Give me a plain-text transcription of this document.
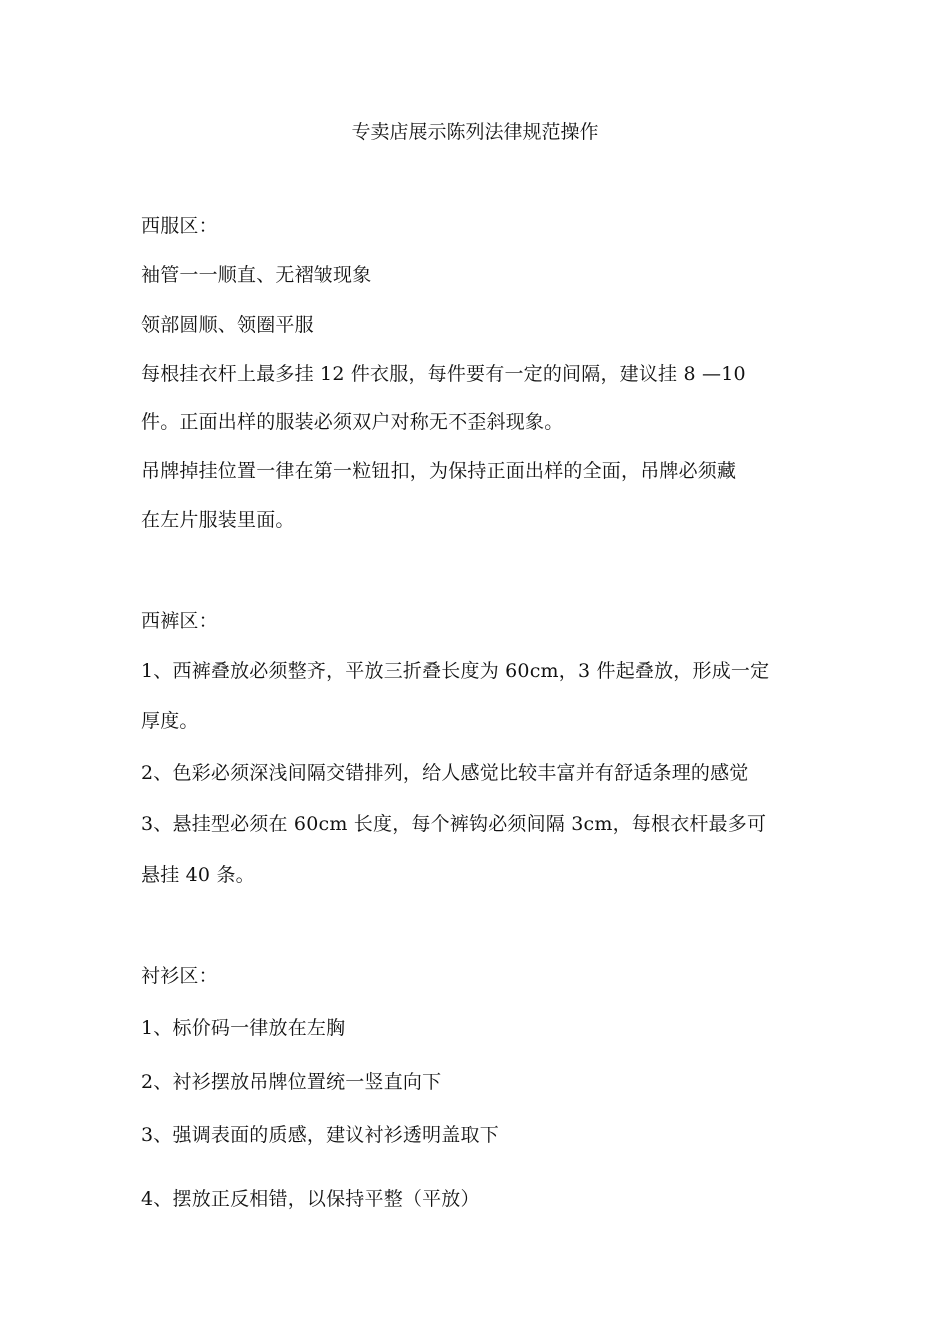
专卖店展示陈列法律规范操作
西服区：
袖管一一顺直、无褶皱现象
领部圆顺、领圈平服
每根挂衣杆上最多挂 12 件衣服，每件要有一定的间隔，建议挂 8 —10
件。正面出样的服装必须双户对称无不歪斜现象。
吊牌掉挂位置一律在第一粒钮扣，为保持正面出样的全面，吊牌必须藏
在左片服装里面。
西裤区：
1、西裤叠放必须整齐，平放三折叠长度为 60cm，3 件起叠放，形成一定
厚度。
2、色彩必须深浅间隔交错排列，给人感觉比较丰富并有舒适条理的感觉
3、悬挂型必须在 60cm 长度，每个裤钩必须间隔 3cm，每根衣杆最多可
悬挂 40 条。
衬衫区：
1、标价码一律放在左胸
2、衬衫摆放吊牌位置统一竖直向下
3、强调表面的质感，建议衬衫透明盖取下
4、摆放正反相错，以保持平整（平放）
